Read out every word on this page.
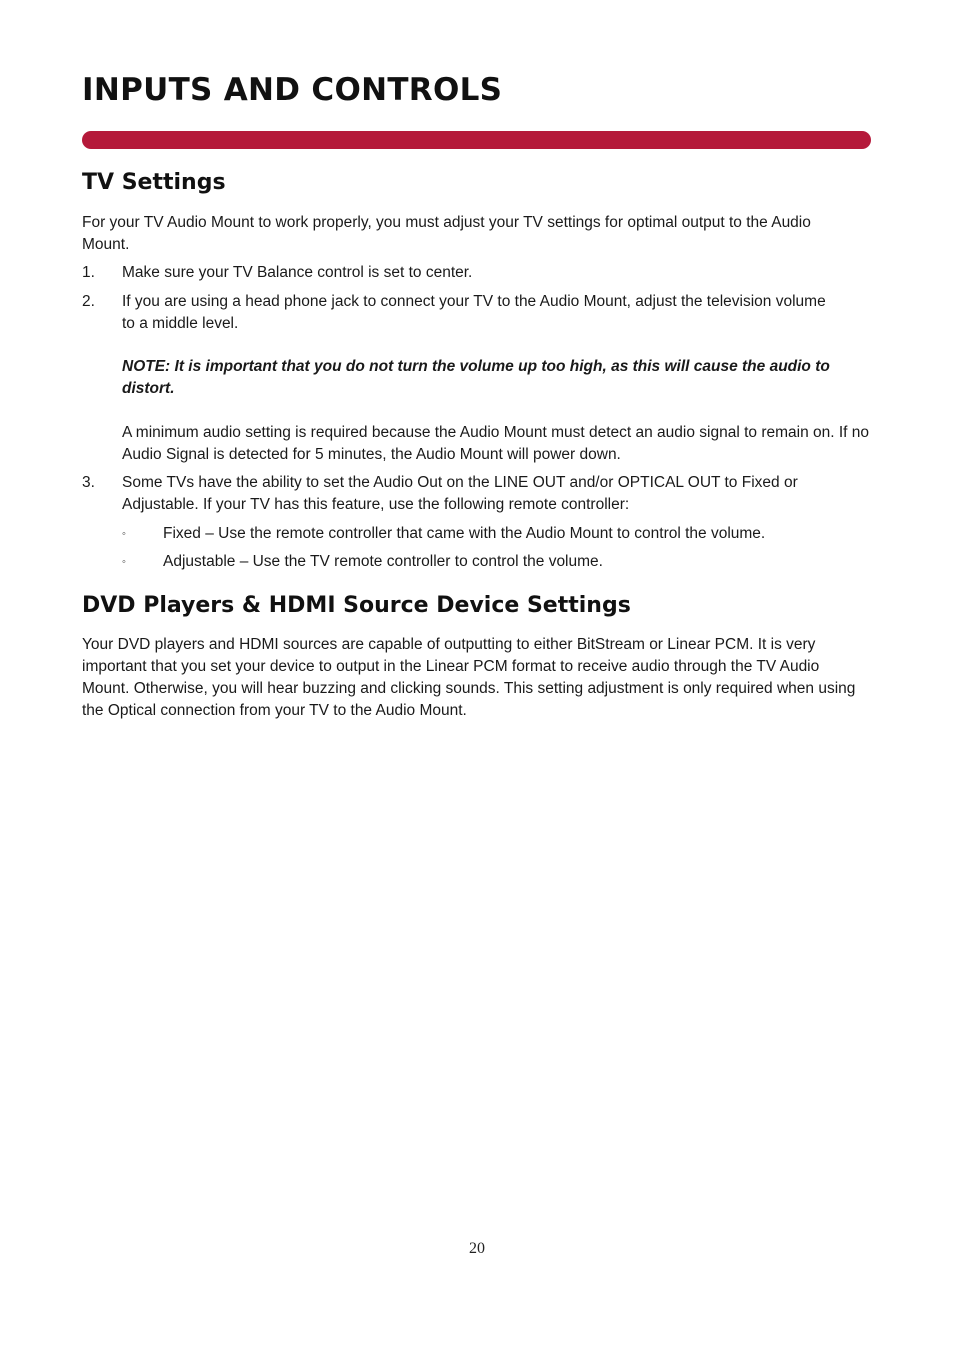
INPUTS AND CONTROLS
TV Settings

For your TV Audio Mount to work properly, you must adjust your TV settings for optimal output to the Audio Mount.

1. Make sure your TV Balance control is set to center.

2. If you are using a head phone jack to connect your TV to the Audio Mount, adjust the television volume to a middle level.

NOTE: It is important that you do not turn the volume up too high, as this will cause the audio to distort.

A minimum audio setting is required because the Audio Mount must detect an audio signal to remain on. If no Audio Signal is detected for 5 minutes, the Audio Mount will power down.

3. Some TVs have the ability to set the Audio Out on the LINE OUT and/or OPTICAL OUT to Fixed or Adjustable. If your TV has this feature, use the following remote controller:

◦ Fixed – Use the remote controller that came with the Audio Mount to control the volume.

◦ Adjustable – Use the TV remote controller to control the volume.

DVD Players & HDMI Source Device Settings

Your DVD players and HDMI sources are capable of outputting to either BitStream or Linear PCM. It is very important that you set your device to output in the Linear PCM format to receive audio through the TV Audio Mount. Otherwise, you will hear buzzing and clicking sounds. This setting adjustment is only required when using the Optical connection from your TV to the Audio Mount.

20
